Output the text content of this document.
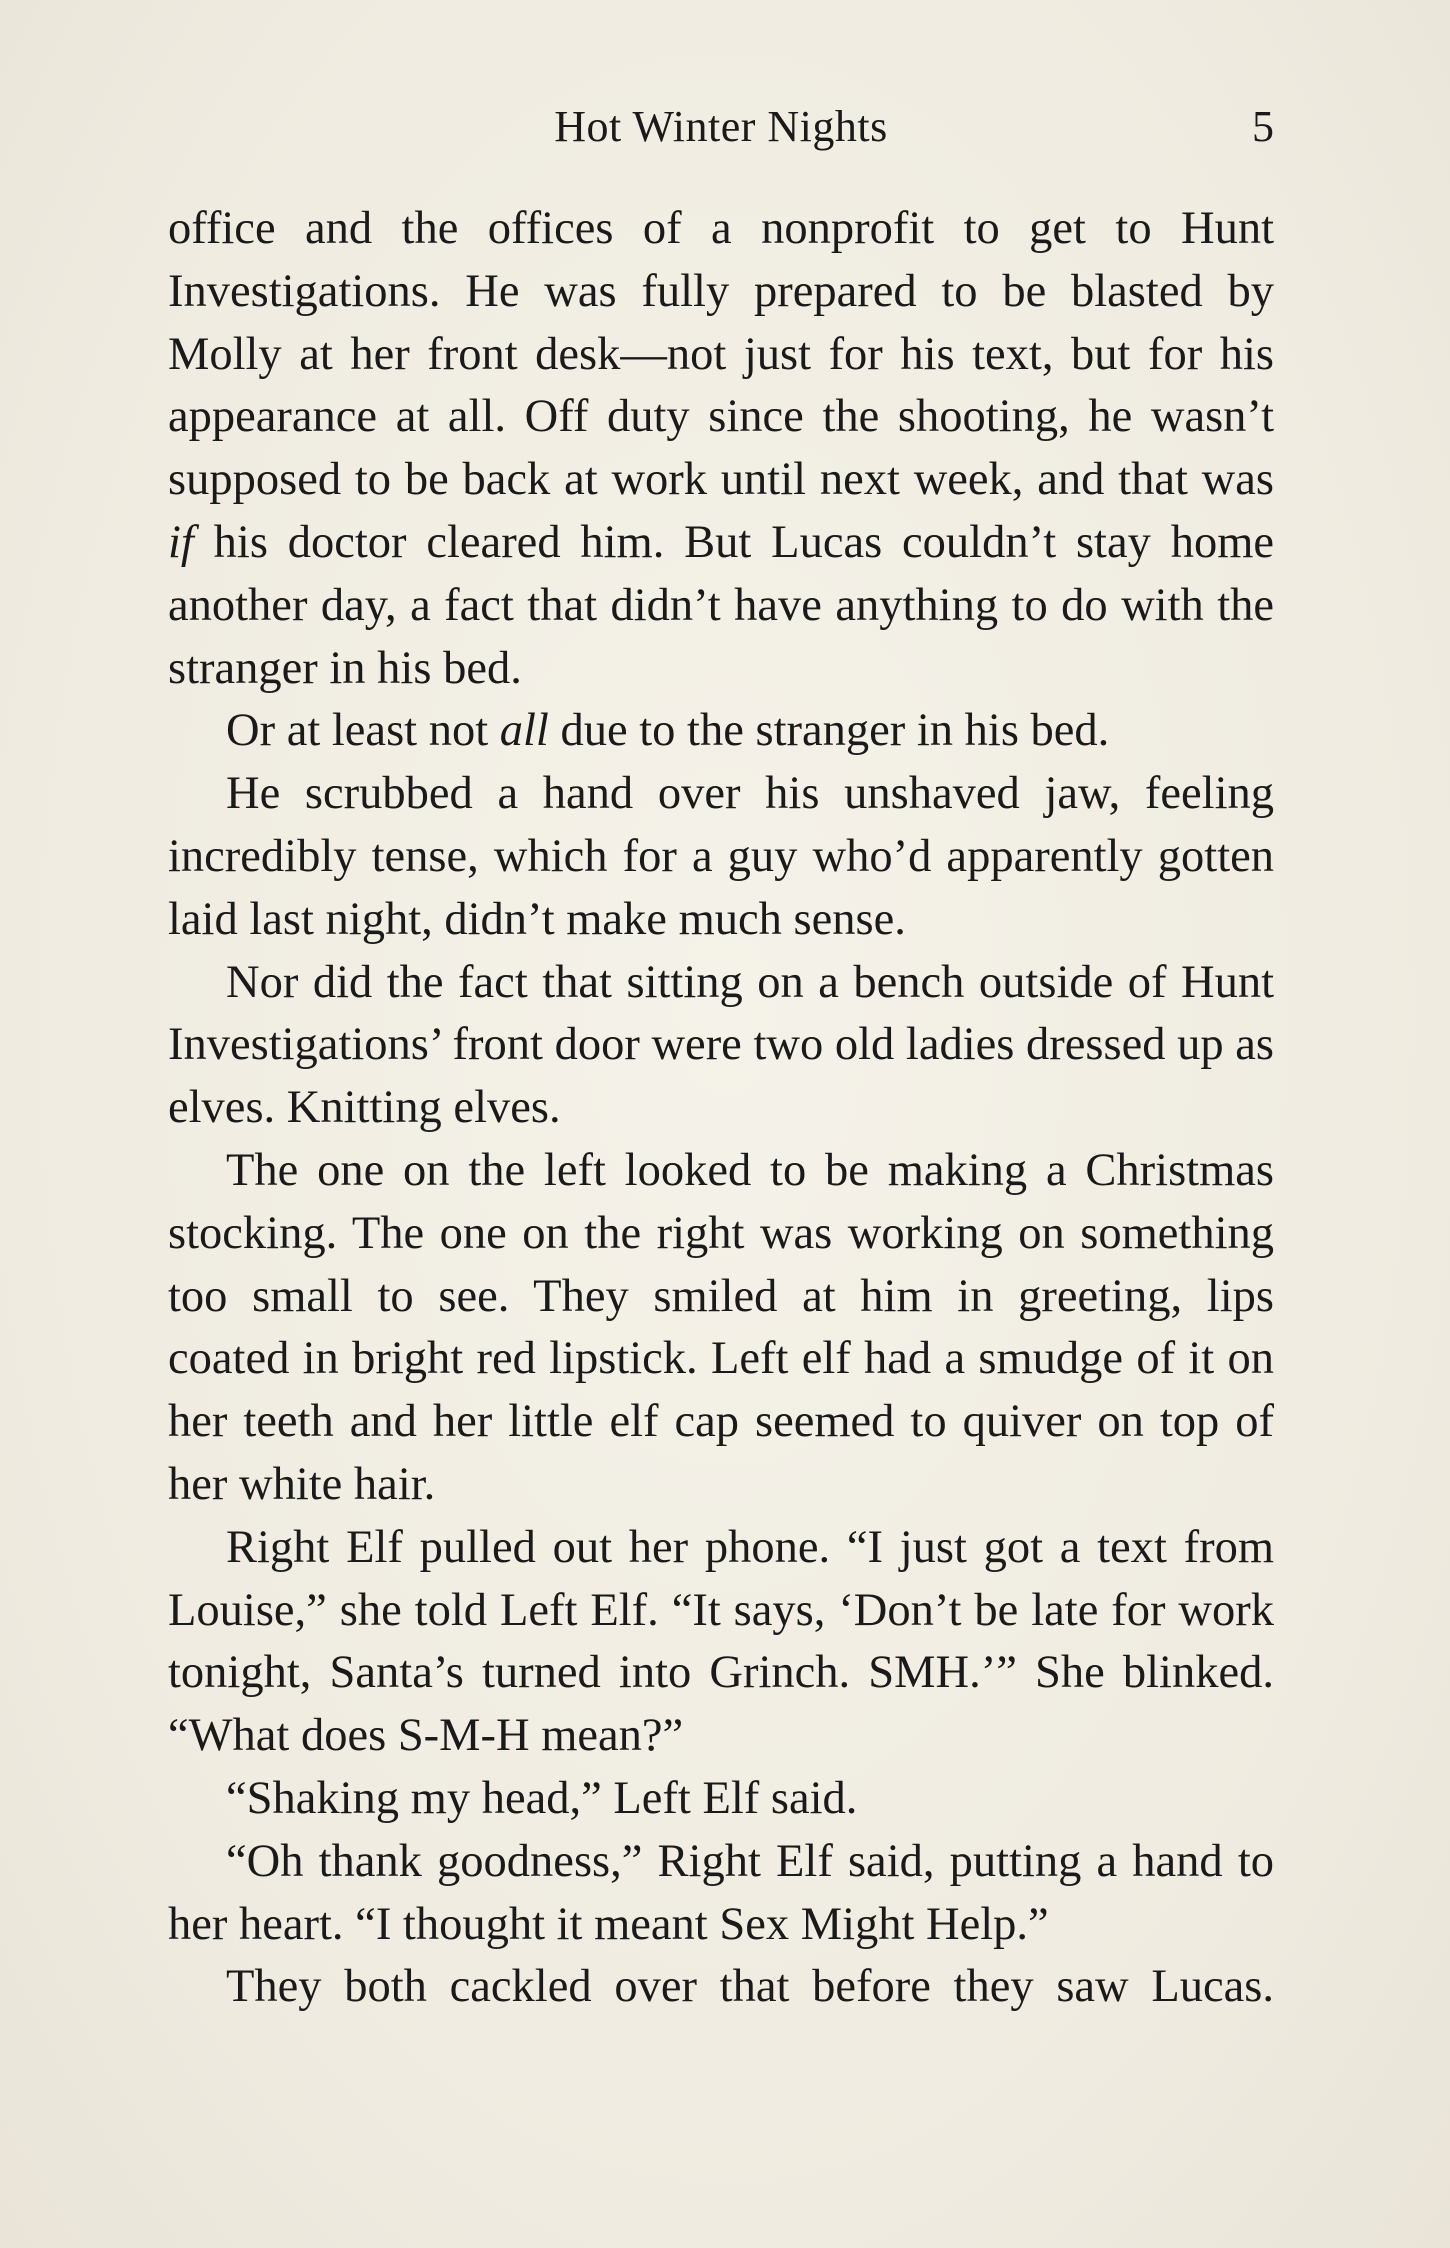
Hot Winter Nights	5

office and the offices of a nonprofit to get to Hunt Investigations. He was fully prepared to be blasted by Molly at her front desk—not just for his text, but for his appearance at all. Off duty since the shooting, he wasn’t supposed to be back at work until next week, and that was if his doctor cleared him. But Lucas couldn’t stay home another day, a fact that didn’t have anything to do with the stranger in his bed.

Or at least not all due to the stranger in his bed.

He scrubbed a hand over his unshaved jaw, feeling incredibly tense, which for a guy who’d apparently gotten laid last night, didn’t make much sense.

Nor did the fact that sitting on a bench outside of Hunt Investigations’ front door were two old ladies dressed up as elves. Knitting elves.

The one on the left looked to be making a Christmas stocking. The one on the right was working on something too small to see. They smiled at him in greeting, lips coated in bright red lipstick. Left elf had a smudge of it on her teeth and her little elf cap seemed to quiver on top of her white hair.

Right Elf pulled out her phone. “I just got a text from Louise,” she told Left Elf. “It says, ‘Don’t be late for work tonight, Santa’s turned into Grinch. SMH.’” She blinked. “What does S-M-H mean?”

“Shaking my head,” Left Elf said.

“Oh thank goodness,” Right Elf said, putting a hand to her heart. “I thought it meant Sex Might Help.”

They both cackled over that before they saw Lucas.
